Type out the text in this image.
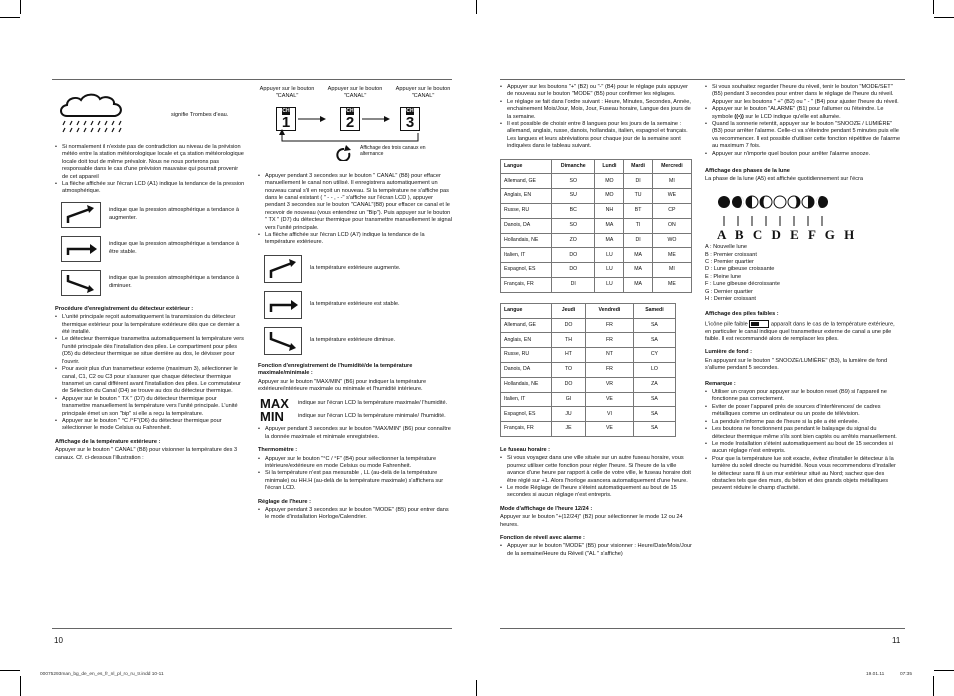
signifie Trombes d'eau.
• Si normalement il n'existe pas de contradiction au niveau de la prévision météo entre la station météorologique locale et ça station météorologique locale doit tout de même prévaloir. Nous ne nous porterons pas responsable dans le cas d'une prévision mauvaise qui pourrait provenir de cet appareil
• La flèche affichée sur l'écran LCD (A1) indique la tendance de la pression atmosphérique.
indique que la pression atmosphérique a tendance à augmenter.
indique que la pression atmosphérique a tendance à être stable.
indique que la pression atmosphérique a tendance à diminuer.
Procédure d'enregistrement du détecteur extérieur :
• L'unité principale reçoit automatiquement la transmission du détecteur thermique extérieur pour la température extérieure dès que ce dernier a été installé.
• Le détecteur thermique transmettra automatiquement la température vers l'unité principale dès l'installation des piles. Le compartiment pour piles (D5) du détecteur thermique se situe derrière au dos, le dévisser pour l'ouvrir.
• Pour avoir plus d'un transmetteur externe (maximum 3), sélectionner le canal, C1, C2 ou C3 pour s'assurer que chaque détecteur thermique transmet un canal différent avant l'installation des piles. Le commutateur de Sélection du Canal (D4) se trouve au dos du détecteur thermique.
• Appuyer sur le bouton " TX " (D7) du détecteur thermique pour transmettre manuellement la température vers l'unité principale. L'unité principale émet un son "bip" si elle a reçu la température.
• Appuyer sur le bouton " °C /°F"(D6) du détecteur thermique pour sélectionner le mode Celsius ou Fahrenheit.
Affichage de la température extérieure :

Appuyer sur le bouton " CANAL" (B8) pour visionner la température des 3 canaux. Cf. ci-dessous l'illustration :

Appuyer sur le bouton "CANAL"
Appuyer sur le bouton "CANAL"
Appuyer sur le bouton "CANAL"
CH
1
CH
2
CH
3
Affichage des trois canaux en alternance
• Appuyer pendant 3 secondes sur le bouton " CANAL" (B8) pour effacer manuellement le canal non utilisé. Il enregistrera automatiquement un nouveau canal s'il en reçoit un nouveau. Si la température ne s'affiche pas dans le canal existant ( " - - , - -" s'affiche sur l'écran LCD ), appuyer pendant 3 secondes sur le bouton "CANAL"(B8) pour effacer ce canal et le recevoir de nouveau (vous entendrez un "Bip"). Puis appuyer sur le bouton " TX " (D7) du détecteur thermique pour transmettre manuellement le signal vers l'unité principale.
• La flèche affichée sur l'écran LCD (A7) indique la tendance de la température extérieure.
la température extérieure augmente.
la température extérieure est stable.
la température extérieure diminue.
Fonction d'enregistrement de l'humidité/de la température maximale/minimale :

Appuyer sur le bouton "MAX/MIN" (B6) pour indiquer la température extérieure/intérieure maximale ou minimale et l'humidité intérieure.

MAX	indique sur l'écran LCD la température maximale/ l'humidité.
MIN	indique sur l'écran LCD la température minimale/ l'humidité.
• Appuyer pendant 3 secondes sur le bouton "MAX/MIN" (B6) pour connaître la donnée maximale et minimale enregistrées.
Thermomètre :
• Appuyer sur le bouton "°C / °F" (B4) pour sélectionner la température intérieure/extérieure en mode Celsius ou mode Fahrenheit.
• Si la température n'est pas mesurable , LL (au-delà de la température minimale) ou HH.H (au-delà de la température maximale) s'affichera sur l'écran LCD.
Réglage de l'heure :
• Appuyer pendant 3 secondes sur le bouton "MODE" (B5) pour entrer dans le mode d'installation Horloge/Calendrier.
• Appuyer sur les boutons "+" (B2) ou "-" (B4) pour le réglage puis appuyer de nouveau sur le bouton "MODE" (B5) pour confirmer les réglages.
• Le réglage se fait dans l'ordre suivant : Heure, Minutes, Secondes, Année, enchainement Mois/Jour, Mois, Jour, Fuseau horaire, Langue des jours de la semaine.
• Il est possible de choisir entre 8 langues pour les jours de la semaine : allemand, anglais, russe, danois, hollandais, italien, espagnol et français. Les langues et leurs abréviations pour chaque jour de la semaine sont indiquées dans le tableau suivant.
Langue	Dimanche	Lundi	Mardi	Mercredi
Allemand, GE	SO	MO	DI	MI
Anglais, EN	SU	MO	TU	WE
Russe, RU	BC	NH	BT	CP
Danois, DA	SO	MA	TI	ON
Hollandais, NE	ZO	MA	DI	WO
Italien, IT	DO	LU	MA	ME
Espagnol, ES	DO	LU	MA	MI
Français, FR	DI	LU	MA	ME
Langue	Jeudi	Vendredi	Samedi
Allemand, GE	DO	FR	SA
Anglais, EN	TH	FR	SA
Russe, RU	HT	NT	CY
Danois, DA	TO	FR	LO
Hollandais, NE	DO	VR	ZA
Italien, IT	GI	VE	SA
Espagnol, ES	JU	VI	SA
Français, FR	JE	VE	SA
Le fuseau horaire :
• Si vous voyagez dans une ville située sur un autre fuseau horaire, vous pourrez utiliser cette fonction pour régler l'heure. Si l'heure de la ville avance d'une heure par rapport à celle de votre ville, le fuseau horaire doit être réglé sur +1. Alors l'horloge avancera automatiquement d'une heure.
• Le mode Réglage de l'heure s'éteint automatiquement au bout de 15 secondes si aucun réglage n'est entrepris.
Mode d'affichage de l'heure 12/24 :

Appuyer sur le bouton "+(12/24)" (B2) pour sélectionner le mode 12 ou 24 heures.

Fonction de réveil avec alarme :
• Appuyer sur le bouton "MODE" (B5) pour visionner : Heure/Date/Mois/Jour de la semaine/Heure du Réveil ("AL " s'affiche)
• Si vous souhaitez regarder l'heure du réveil, tenir le bouton "MODE/SET" (B5) pendant 3 secondes pour entrer dans le réglage de l'heure du réveil. Appuyer sur les boutons " +" (B2) ou " - " (B4) pour ajuster l'heure du réveil.
• Appuyer sur le bouton "ALARME" (B1) pour l'allumer ou l'éteindre. Le symbole ((•)) sur le LCD indique qu'elle est allumée.
• Quand la sonnerie retentit, appuyer sur le bouton "SNOOZE / LUMIÈRE" (B3) pour arrêter l'alarme. Celle-ci va s'éteindre pendant 5 minutes puis elle va recommencer. Il est possible d'utiliser cette fonction répétitive de l'alarme au maximum 7 fois.
• Appuyer sur n'importe quel bouton pour arrêter l'alarme snooze.
Affichage des phases de la lune

La phase de la lune (A5) est affichée quotidiennement sur l'écra

A B C D E F G H
A : Nouvelle lune
B : Premier croissant
C : Premier quartier
D : Lune gibeuse croissante
E : Pleine lune
F : Lune gibeuse décroissante
G : Dernier quartier
H : Dernier croissant
Affichage des piles faibles :

L'icône pile faible	apparaît dans le cas de la température extérieure, en particulier le canal indique quel transmetteur externe de canal a une pile faible. Il est recommandé alors de remplacer les piles.

Lumière de fond :

En appuyant sur le bouton " SNOOZE/LUMIÈRE" (B3), la lumière de fond s'allume pendant 5 secondes.

Remarque :
• Utiliser un crayon pour appuyer sur le bouton reset (B9) si l'appareil ne fonctionne pas correctement.
• Eviter de poser l'appareil près de sources d'interférences/ de cadres métalliques comme un ordinateur ou un poste de télévision.
• La pendule n'informe pas de l'heure si la pile a été enlevée.
• Les boutons ne fonctionnent pas pendant le balayage du signal du détecteur thermique même s'ils sont bien captés ou arrêtés manuellement.
• Le mode Installation s'éteint automatiquement au bout de 15 secondes si aucun réglage n'est entrepris.
• Pour que la température lue soit exacte, évitez d'installer le détecteur à la lumière du soleil directe ou humidité. Nous vous recommendons d'installer le détecteur sans fil à un mur extérieur situé au Nord; sachez que des obstacles tels que des murs, du béton et des grands objets métalliques peuvent réduire le champ d'activité.
10	11
00075293man_bg_de_en_es_fr_nl_pl_ro_ru_tr.indd 10-11	19.01.11	07:35
